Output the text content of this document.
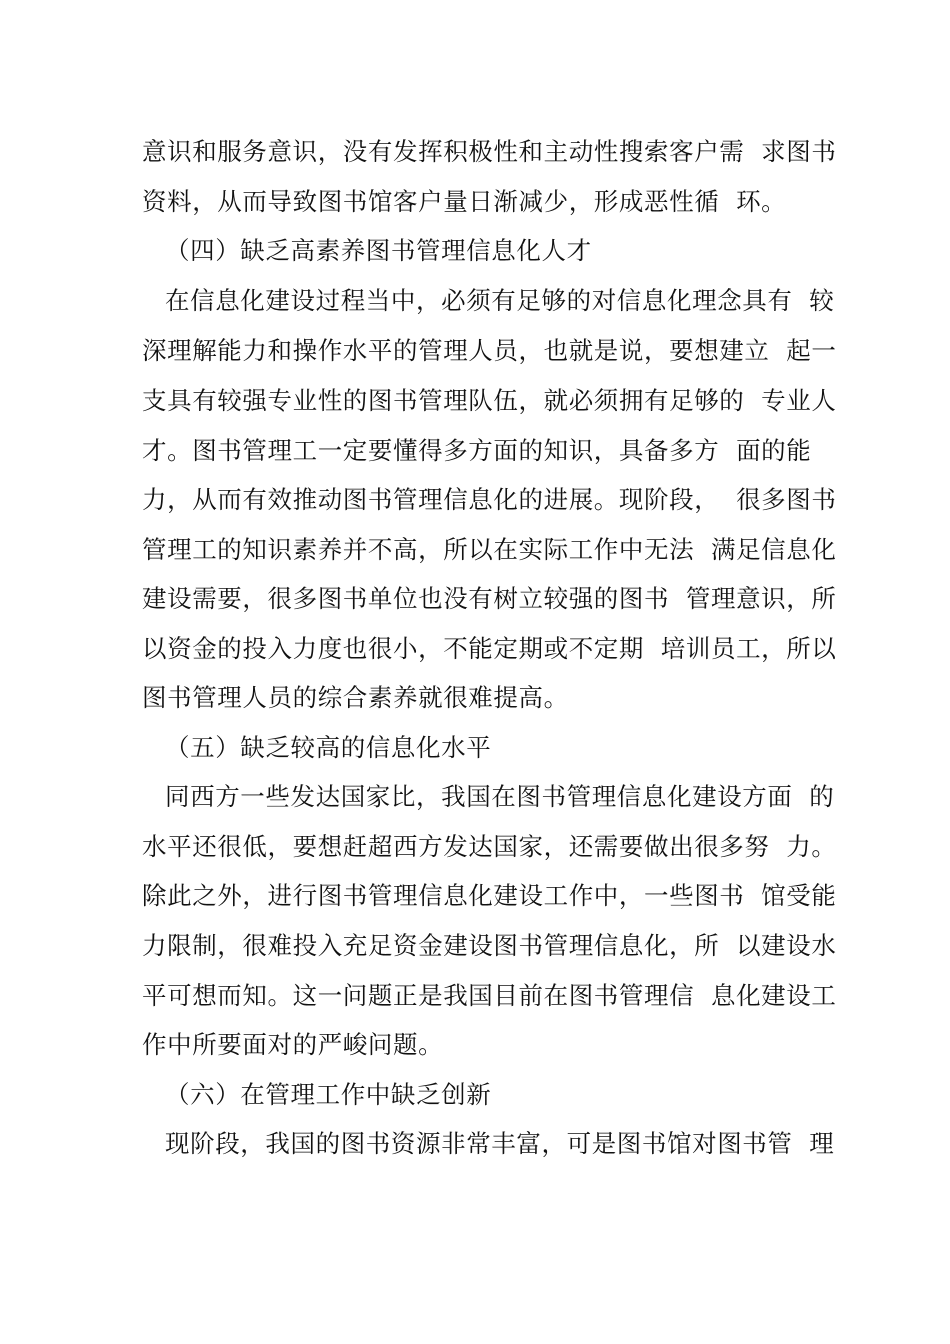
意识和服务意识，没有发挥积极性和主动性搜索客户需  求图书
资料，从而导致图书馆客户量日渐减少，形成恶性循  环。
（四）缺乏高素养图书管理信息化人才
在信息化建设过程当中，必须有足够的对信息化理念具有  较
深理解能力和操作水平的管理人员，也就是说，要想建立  起一
支具有较强专业性的图书管理队伍，就必须拥有足够的  专业人
才。图书管理工一定要懂得多方面的知识，具备多方  面的能
力，从而有效推动图书管理信息化的进展。现阶段，  很多图书
管理工的知识素养并不高，所以在实际工作中无法  满足信息化
建设需要，很多图书单位也没有树立较强的图书  管理意识，所
以资金的投入力度也很小，不能定期或不定期  培训员工，所以
图书管理人员的综合素养就很难提高。
（五）缺乏较高的信息化水平
同西方一些发达国家比，我国在图书管理信息化建设方面  的
水平还很低，要想赶超西方发达国家，还需要做出很多努  力。
除此之外，进行图书管理信息化建设工作中，一些图书  馆受能
力限制，很难投入充足资金建设图书管理信息化，所  以建设水
平可想而知。这一问题正是我国目前在图书管理信  息化建设工
作中所要面对的严峻问题。
（六）在管理工作中缺乏创新
现阶段，我国的图书资源非常丰富，可是图书馆对图书管  理
